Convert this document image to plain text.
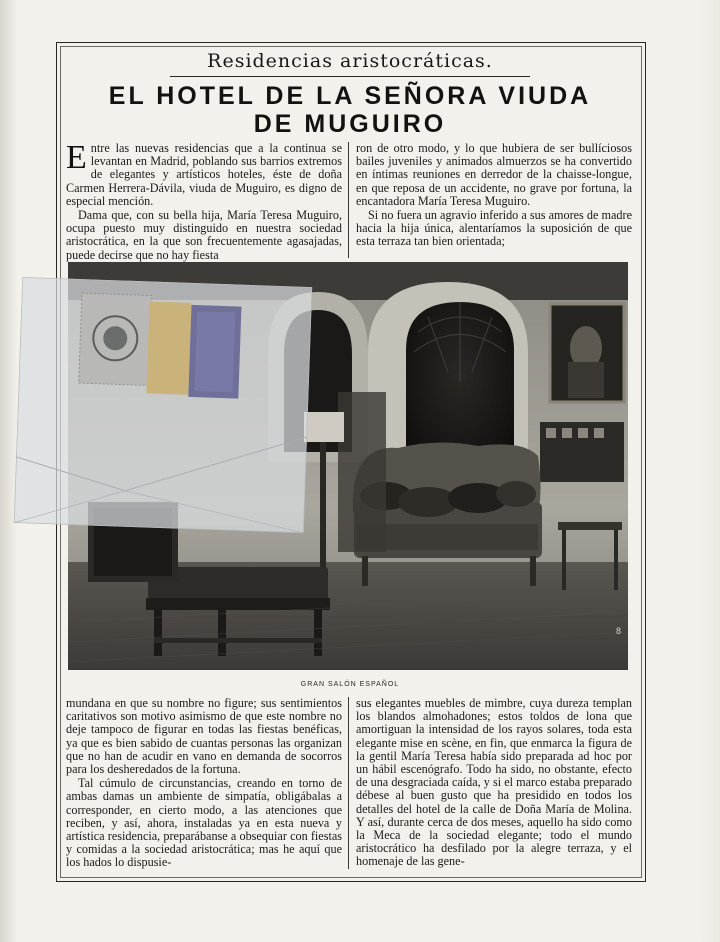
Residencias aristocráticas.
EL HOTEL DE LA SEÑORA VIUDA
DE MUGUIRO

Entre las nuevas residencias que a la continua se levantan en Madrid, poblando sus barrios extremos de elegantes y artísticos hoteles, éste de doña Carmen Herrera-Dávila, viuda de Muguiro, es digno de especial mención.

Dama que, con su bella hija, María Teresa Muguiro, ocupa puesto muy distinguido en nuestra sociedad aristocrática, en la que son frecuentemente agasajadas, puede decirse que no hay fiesta

ron de otro modo, y lo que hubiera de ser bullíciosos bailes juveniles y animados almuerzos se ha convertido en íntimas reuniones en derredor de la chaisse-longue, en que reposa de un accidente, no grave por fortuna, la encantadora María Teresa Muguiro.

Si no fuera un agravio inferido a sus amores de madre hacia la hija única, alentaríamos la suposición de que esta terraza tan bien orientada;

8
GRAN SALÓN ESPAÑOL

mundana en que su nombre no figure; sus sentimientos caritativos son motivo asimismo de que este nombre no deje tampoco de figurar en todas las fiestas benéficas, ya que es bien sabido de cuantas personas las organizan que no han de acudir en vano en demanda de socorros para los desheredados de la fortuna.

Tal cúmulo de circunstancias, creando en torno de ambas damas un ambiente de simpatía, obligábalas a corresponder, en cierto modo, a las atenciones que reciben, y así, ahora, instaladas ya en esta nueva y artística residencia, preparábanse a obsequiar con fiestas y comidas a la sociedad aristocrática; mas he aquí que los hados lo dispusie-

sus elegantes muebles de mimbre, cuya dureza templan los blandos almohadones; estos toldos de lona que amortiguan la intensidad de los rayos solares, toda esta elegante mise en scène, en fin, que enmarca la figura de la gentil María Teresa había sido preparada ad hoc por un hábil escenógrafo. Todo ha sido, no obstante, efecto de una desgraciada caída, y si el marco estaba preparado débese al buen gusto que ha presidido en todos los detalles del hotel de la calle de Doña María de Molina. Y así, durante cerca de dos meses, aquello ha sido como la Meca de la sociedad elegante; todo el mundo aristocrático ha desfilado por la alegre terraza, y el homenaje de las gene-
